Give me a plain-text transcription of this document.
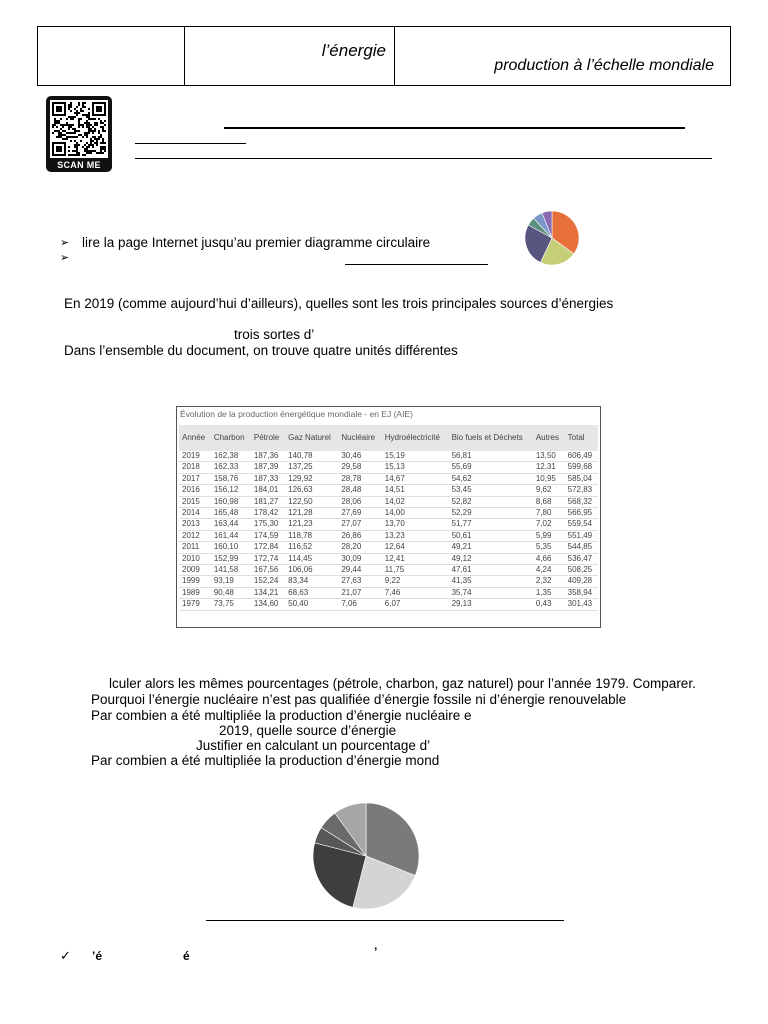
l’énergie
production à l’échelle mondiale
SCAN ME
➢ lire la page Internet jusqu’au premier diagramme circulaire
➢
En 2019 (comme aujourd’hui d’ailleurs), quelles sont les trois principales sources d’énergies
trois sortes d’
Dans l’ensemble du document, on trouve quatre unités différentes
Évolution de la production énergétique mondiale - en EJ (AIE)
Année	Charbon	Pétrole	Gaz Naturel	Nucléaire	Hydroélectricité	Bio fuels et Déchets	Autres	Total
2019	162,38	187,36	140,78	30,46	15,19	56,81	13,50	606,49
2018	162,33	187,39	137,25	29,58	15,13	55,69	12,31	599,68
2017	158,76	187,33	129,92	28,78	14,67	54,62	10,95	585,04
2016	156,12	184,01	126,63	28,48	14,51	53,45	9,62	572,83
2015	160,98	181,27	122,50	28,06	14,02	52,82	8,68	568,32
2014	165,48	178,42	121,28	27,69	14,00	52,29	7,80	566,95
2013	163,44	175,30	121,23	27,07	13,70	51,77	7,02	559,54
2012	161,44	174,59	118,78	26,86	13,23	50,61	5,99	551,49
2011	160,10	172,84	116,52	28,20	12,64	49,21	5,35	544,85
2010	152,99	172,74	114,45	30,09	12,41	49,12	4,66	536,47
2009	141,58	167,56	106,06	29,44	11,75	47,61	4,24	508,25
1999	93,19	152,24	83,34	27,63	9,22	41,35	2,32	409,28
1989	90,48	134,21	68,63	21,07	7,46	35,74	1,35	358,94
1979	73,75	134,60	50,40	7,06	6,07	29,13	0,43	301,43
lculer alors les mêmes pourcentages (pétrole, charbon, gaz naturel) pour l’année 1979. Comparer.
Pourquoi l’énergie nucléaire n’est pas qualifiée d’énergie fossile ni d’énergie renouvelable
Par combien a été multipliée la production d’énergie nucléaire e
2019, quelle source d’énergie
Justifier en calculant un pourcentage d’
Par combien a été multipliée la production d’énergie mond
✓ ’é	é	’
